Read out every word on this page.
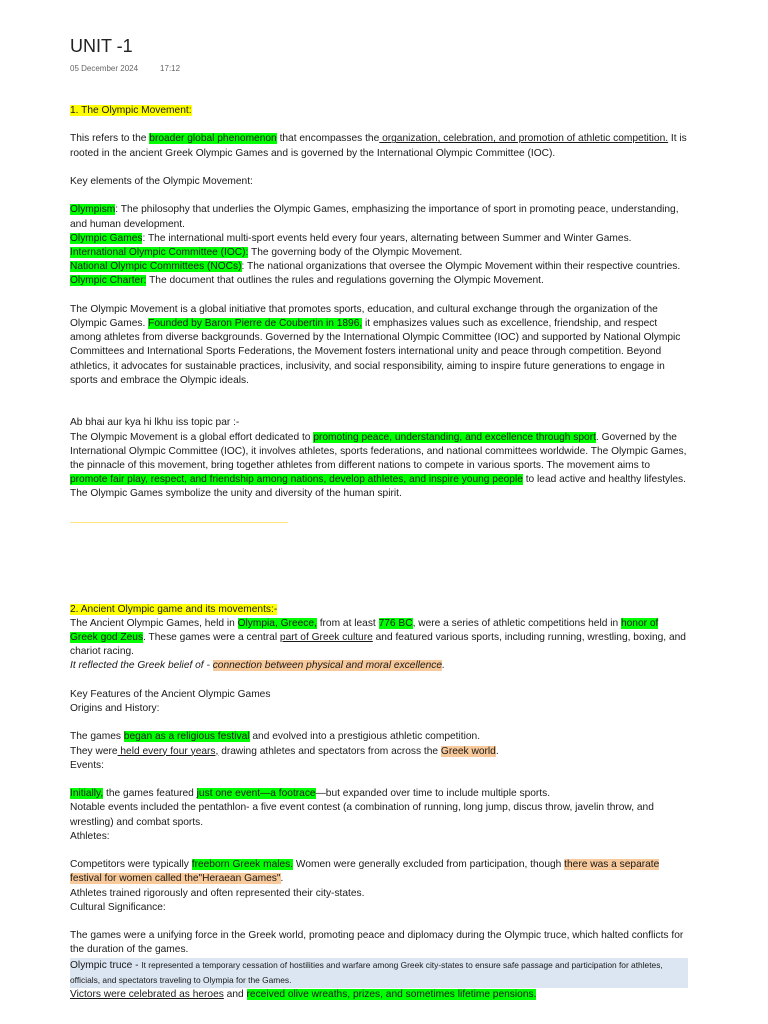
UNIT -1
05 December 2024	17:12

1. The Olympic Movement:

This refers to the broader global phenomenon that encompasses the organization, celebration, and promotion of athletic competition. It is rooted in the ancient Greek Olympic Games and is governed by the International Olympic Committee (IOC).

Key elements of the Olympic Movement:

Olympism: The philosophy that underlies the Olympic Games, emphasizing the importance of sport in promoting peace, understanding, and human development.

Olympic Games: The international multi-sport events held every four years, alternating between Summer and Winter Games.

International Olympic Committee (IOC): The governing body of the Olympic Movement.

National Olympic Committees (NOCs): The national organizations that oversee the Olympic Movement within their respective countries.

Olympic Charter: The document that outlines the rules and regulations governing the Olympic Movement.

The Olympic Movement is a global initiative that promotes sports, education, and cultural exchange through the organization of the Olympic Games. Founded by Baron Pierre de Coubertin in 1896, it emphasizes values such as excellence, friendship, and respect among athletes from diverse backgrounds. Governed by the International Olympic Committee (IOC) and supported by National Olympic Committees and International Sports Federations, the Movement fosters international unity and peace through competition. Beyond athletics, it advocates for sustainable practices, inclusivity, and social responsibility, aiming to inspire future generations to engage in sports and embrace the Olympic ideals.

Ab bhai aur kya hi lkhu iss topic par :-

The Olympic Movement is a global effort dedicated to promoting peace, understanding, and excellence through sport. Governed by the International Olympic Committee (IOC), it involves athletes, sports federations, and national committees worldwide. The Olympic Games, the pinnacle of this movement, bring together athletes from different nations to compete in various sports. The movement aims to promote fair play, respect, and friendship among nations, develop athletes, and inspire young people to lead active and healthy lifestyles. The Olympic Games symbolize the unity and diversity of the human spirit.

2. Ancient Olympic game and its movements:-

The Ancient Olympic Games, held in Olympia, Greece, from at least 776 BC, were a series of athletic competitions held in honor of Greek god Zeus. These games were a central part of Greek culture and featured various sports, including running, wrestling, boxing, and chariot racing.

It reflected the Greek belief of - connection between physical and moral excellence.

Key Features of the Ancient Olympic Games

Origins and History:

The games began as a religious festival and evolved into a prestigious athletic competition.

They were held every four years, drawing athletes and spectators from across the Greek world.

Events:

Initially, the games featured just one event—a footrace—but expanded over time to include multiple sports.

Notable events included the pentathlon- a five event contest (a combination of running, long jump, discus throw, javelin throw, and wrestling) and combat sports.

Athletes:

Competitors were typically freeborn Greek males. Women were generally excluded from participation, though there was a separate festival for women called the"Heraean Games".

Athletes trained rigorously and often represented their city-states.

Cultural Significance:

The games were a unifying force in the Greek world, promoting peace and diplomacy during the Olympic truce, which halted conflicts for the duration of the games.

Olympic truce - It represented a temporary cessation of hostilities and warfare among Greek city-states to ensure safe passage and participation for athletes, officials, and spectators traveling to Olympia for the Games.

Victors were celebrated as heroes and received olive wreaths, prizes, and sometimes lifetime pensions.
